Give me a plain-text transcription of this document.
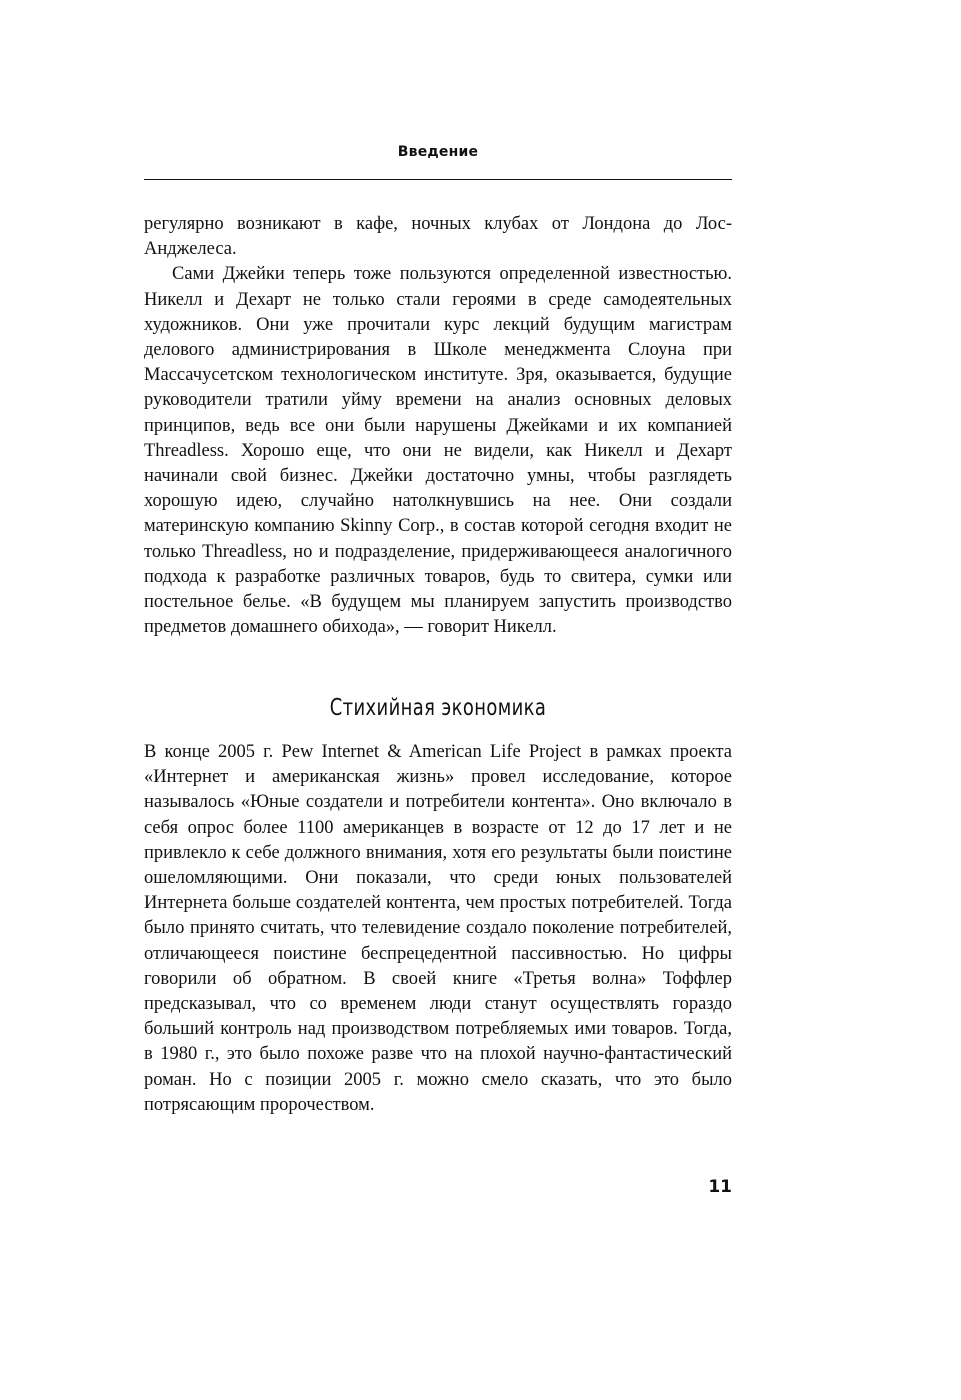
Введение

регулярно возникают в кафе, ночных клубах от Лондона до Лос-Анджелеса.

Сами Джейки теперь тоже пользуются определенной известностью. Никелл и Дехарт не только стали героями в среде самодеятельных художников. Они уже прочитали курс лекций будущим магистрам делового администрирования в Школе менеджмента Слоуна при Массачусетском технологическом институте. Зря, оказывается, будущие руководители тратили уйму времени на анализ основных деловых принципов, ведь все они были нарушены Джейками и их компанией Threadless. Хорошо еще, что они не видели, как Никелл и Дехарт начинали свой бизнес. Джейки достаточно умны, чтобы разглядеть хорошую идею, случайно натолкнувшись на нее. Они создали материнскую компанию Skinny Corp., в состав которой сегодня входит не только Threadless, но и подразделение, придерживающееся аналогичного подхода к разработке различных товаров, будь то свитера, сумки или постельное белье. «В будущем мы планируем запустить производство предметов домашнего обихода», — говорит Никелл.

Стихийная экономика

В конце 2005 г. Pew Internet & American Life Project в рамках проекта «Интернет и американская жизнь» провел исследование, которое называлось «Юные создатели и потребители контента». Оно включало в себя опрос более 1100 американцев в возрасте от 12 до 17 лет и не привлекло к себе должного внимания, хотя его результаты были поистине ошеломляющими. Они показали, что среди юных пользователей Интернета больше создателей контента, чем простых потребителей. Тогда было принято считать, что телевидение создало поколение потребителей, отличающееся поистине беспрецедентной пассивностью. Но цифры говорили об обратном. В своей книге «Третья волна» Тоффлер предсказывал, что со временем люди станут осуществлять гораздо больший контроль над производством потребляемых ими товаров. Тогда, в 1980 г., это было похоже разве что на плохой научно-фантастический роман. Но с позиции 2005 г. можно смело сказать, что это было потрясающим пророчеством.

11
